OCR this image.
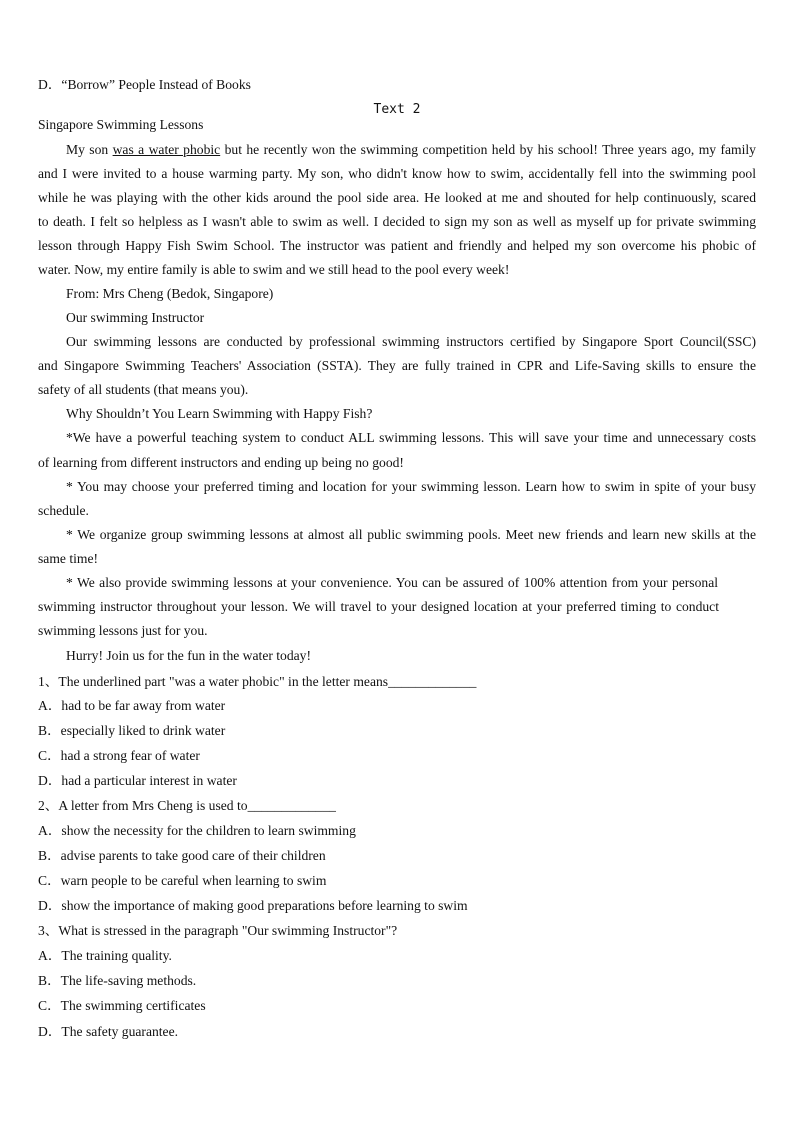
D．“Borrow” People Instead of Books
Text 2
Singapore Swimming Lessons
My son was a water phobic but he recently won the swimming competition held by his school! Three years ago, my family
and I were invited to a house warming party. My son, who didn't know how to swim, accidentally fell into the swimming pool
while he was playing with the other kids around the pool side area. He looked at me and shouted for help continuously, scared
to death. I felt so helpless as I wasn't able to swim as well. I decided to sign my son as well as myself up for private swimming
lesson through Happy Fish Swim School. The instructor was patient and friendly and helped my son overcome his phobic of
water. Now, my entire family is able to swim and we still head to the pool every week!
From: Mrs Cheng (Bedok, Singapore)
Our swimming Instructor
Our swimming lessons are conducted by professional swimming instructors certified by Singapore Sport Council(SSC)
and Singapore Swimming Teachers' Association (SSTA). They are fully trained in CPR and Life-Saving skills to ensure the
safety of all students (that means you).
Why Shouldn’t You Learn Swimming with Happy Fish?
*We have a powerful teaching system to conduct ALL swimming lessons. This will save your time and unnecessary costs
of learning from different instructors and ending up being no good!
* You may choose your preferred timing and location for your swimming lesson. Learn how to swim in spite of your busy
schedule.
* We organize group swimming lessons at almost all public swimming pools. Meet new friends and learn new skills at the
same time!
* We also provide swimming lessons at your convenience. You can be assured of 100% attention from your personal
swimming instructor throughout your lesson. We will travel to your designed location at your preferred timing to conduct
swimming lessons just for you.
Hurry! Join us for the fun in the water today!
1、The underlined part "was a water phobic" in the letter means_____________
A．had to be far away from water
B．especially liked to drink water
C．had a strong fear of water
D．had a particular interest in water
2、A letter from Mrs Cheng is used to_____________
A．show the necessity for the children to learn swimming
B．advise parents to take good care of their children
C．warn people to be careful when learning to swim
D．show the importance of making good preparations before learning to swim
3、What is stressed in the paragraph "Our swimming Instructor"?
A．The training quality.
B．The life-saving methods.
C．The swimming certificates
D．The safety guarantee.
